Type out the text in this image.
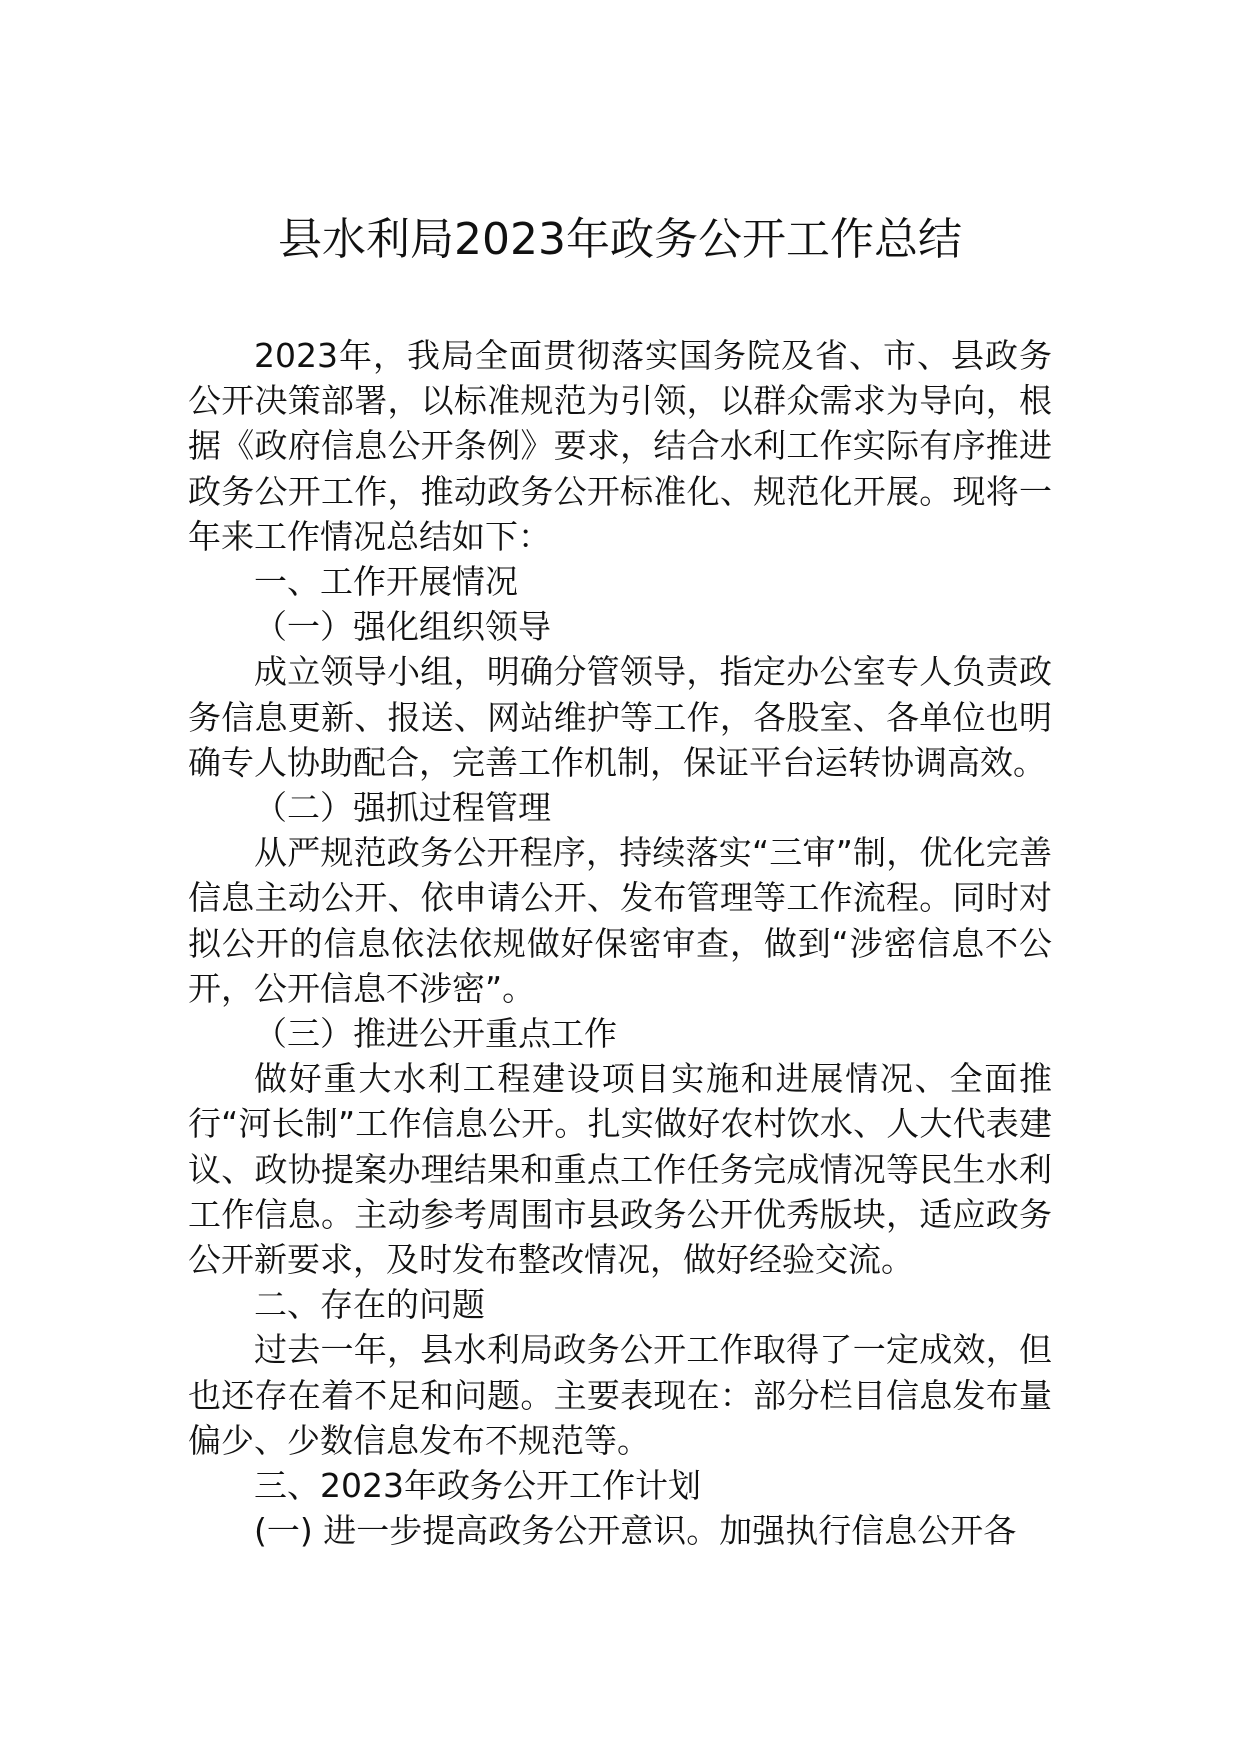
县水利局2023年政务公开工作总结

2023年，我局全面贯彻落实国务院及省、市、县政务公开决策部署，以标准规范为引领，以群众需求为导向，根据《政府信息公开条例》要求，结合水利工作实际有序推进政务公开工作，推动政务公开标准化、规范化开展。现将一年来工作情况总结如下：

一、工作开展情况

（一）强化组织领导

成立领导小组，明确分管领导，指定办公室专人负责政务信息更新、报送、网站维护等工作，各股室、各单位也明确专人协助配合，完善工作机制，保证平台运转协调高效。

（二）强抓过程管理

从严规范政务公开程序，持续落实“三审”制，优化完善信息主动公开、依申请公开、发布管理等工作流程。同时对拟公开的信息依法依规做好保密审查，做到“涉密信息不公开，公开信息不涉密”。

（三）推进公开重点工作

做好重大水利工程建设项目实施和进展情况、全面推行“河长制”工作信息公开。扎实做好农村饮水、人大代表建议、政协提案办理结果和重点工作任务完成情况等民生水利工作信息。主动参考周围市县政务公开优秀版块，适应政务公开新要求，及时发布整改情况，做好经验交流。

二、存在的问题

过去一年，县水利局政务公开工作取得了一定成效，但也还存在着不足和问题。主要表现在：部分栏目信息发布量偏少、少数信息发布不规范等。

三、2023年政务公开工作计划

(一) 进一步提高政务公开意识。加强执行信息公开各
